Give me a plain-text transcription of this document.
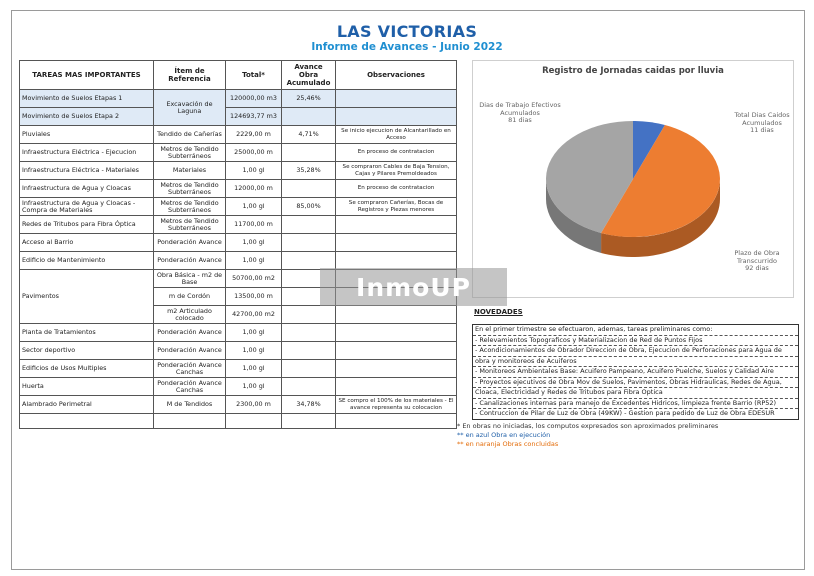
LAS VICTORIAS
Informe de Avances - Junio 2022
TAREAS MAS IMPORTANTES	Ítem de Referencia	Total*	Avance Obra Acumulado	Observaciones
Movimiento de Suelos Etapas 1	Excavación de Laguna	120000,00 m3	25,46%	
Movimiento de Suelos Etapa 2		124693,77 m3		
Pluviales	Tendido de Cañerías	2229,00 m	4,71%	Se inicio ejecucion de Alcantarillado en Acceso
Infraestructura Eléctrica - Ejecucion	Metros de Tendido Subterráneos	25000,00 m		En proceso de contratacion
Infraestructura Eléctrica - Materiales	Materiales	1,00 gl	35,28%	Se compraron Cables de Baja Tension, Cajas y Pilares Premoldeados
Infraestructura de Agua y Cloacas	Metros de Tendido Subterráneos	12000,00 m		En proceso de contratacion
Infraestructura de Agua y Cloacas - Compra de Materiales	Metros de Tendido Subterráneos	1,00 gl	85,00%	Se compraron Cañerías, Bocas de Registros y Piezas menores
Redes de Tritubos para Fibra Óptica	Metros de Tendido Subterráneos	11700,00 m		
Acceso al Barrio	Ponderación Avance	1,00 gl		
Edificio de Mantenimiento	Ponderación Avance	1,00 gl		
Pavimentos	Obra Básica - m2 de Base	50700,00 m2		
	m de Cordón	13500,00 m		
	m2 Articulado colocado	42700,00 m2		
Planta de Tratamientos	Ponderación Avance	1,00 gl		
Sector deportivo	Ponderación Avance	1,00 gl		
Edificios de Usos Multiples	Ponderación Avance Canchas	1,00 gl		
Huerta	Ponderación Avance Canchas	1,00 gl		
Alambrado Perimetral	M de Tendidos	2300,00 m	34,78%	SE compro el 100% de los materiales - El avance representa su colocacion

Registro de Jornadas caidas por lluvia
Dias de Trabajo Efectivos Acumulados
81 dias
Total Dias Caidos Acumulados
11 dias
Plazo de Obra Transcurrido
92 dias
InmoUP
NOVEDADES
En el primer trimestre se efectuaron, ademas, tareas preliminares como:
- Relevamientos Topograficos y Materializacion de Red de Puntos Fijos
- Acondicionamientos de Obrador Direccion de Obra, Ejecucion de Perforaciones para Agua de
obra y monitoreos de Acuiferos
- Monitoreos Ambientales Base: Acuifero Pampeano, Acuifero Puelche, Suelos y Calidad Aire
- Proyectos ejecutivos de Obra Mov de Suelos, Pavimentos, Obras Hidraulicas, Redes de Agua,
Cloaca, Electricidad y Redes de Tritubos para Fibra Optica
- Canalizaciones internas para manejo de Excedentes Hidricos, limpieza frente Barrio (RP52)
- Contruccion de Pilar de Luz de Obra (49KW) - Gestion para pedido de Luz de Obra EDESUR
* En obras no iniciadas, los computos expresados son aproximados preliminares
** en azul Obra en ejecución
** en naranja Obras concluidas
